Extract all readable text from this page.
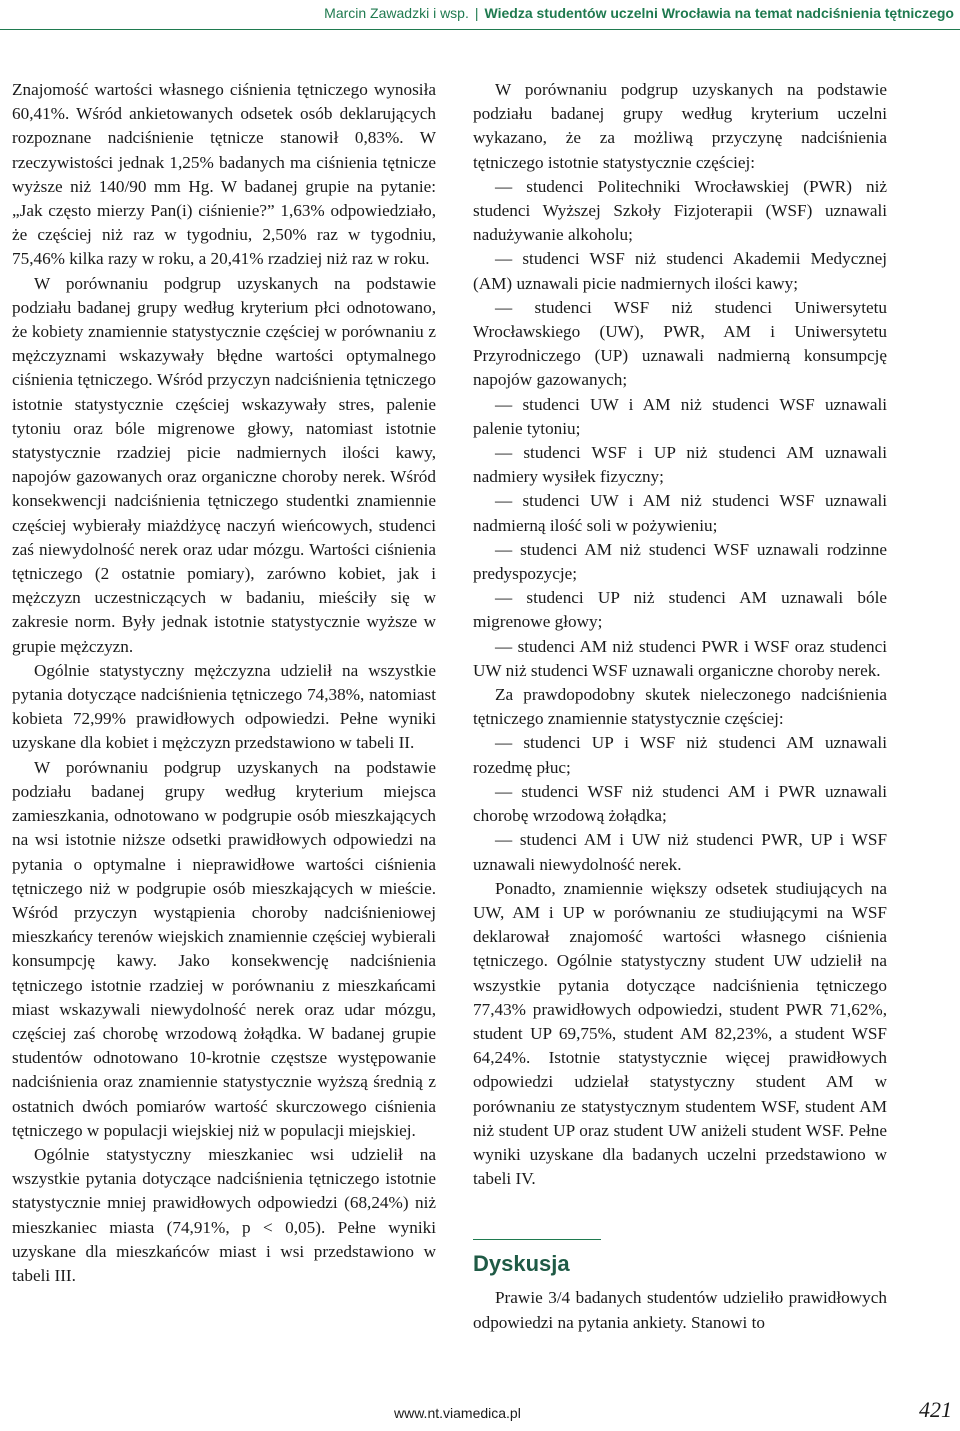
Marcin Zawadzki i wsp. | Wiedza studentów uczelni Wrocławia na temat nadciśnienia tętniczego

Znajomość wartości własnego ciśnienia tętniczego wynosiła 60,41%. Wśród ankietowanych odsetek osób deklarujących rozpoznane nadciśnienie tętnicze stanowił 0,83%. W rzeczywistości jednak 1,25% badanych ma ciśnienia tętnicze wyższe niż 140/90 mm Hg. W badanej grupie na pytanie: „Jak często mierzy Pan(i) ciśnienie?” 1,63% odpowiedziało, że częściej niż raz w tygodniu, 2,50% raz w tygodniu, 75,46% kilka razy w roku, a 20,41% rzadziej niż raz w roku.

W porównaniu podgrup uzyskanych na podstawie podziału badanej grupy według kryterium płci odnotowano, że kobiety znamiennie statystycznie częściej w porównaniu z mężczyznami wskazywały błędne wartości optymalnego ciśnienia tętniczego. Wśród przyczyn nadciśnienia tętniczego istotnie statystycznie częściej wskazywały stres, palenie tytoniu oraz bóle migrenowe głowy, natomiast istotnie statystycznie rzadziej picie nadmiernych ilości kawy, napojów gazowanych oraz organiczne choroby nerek. Wśród konsekwencji nadciśnienia tętniczego studentki znamiennie częściej wybierały miażdżycę naczyń wieńcowych, studenci zaś niewydolność nerek oraz udar mózgu. Wartości ciśnienia tętniczego (2 ostatnie pomiary), zarówno kobiet, jak i mężczyzn uczestniczących w badaniu, mieściły się w zakresie norm. Były jednak istotnie statystycznie wyższe w grupie mężczyzn.

Ogólnie statystyczny mężczyzna udzielił na wszystkie pytania dotyczące nadciśnienia tętniczego 74,38%, natomiast kobieta 72,99% prawidłowych odpowiedzi. Pełne wyniki uzyskane dla kobiet i mężczyzn przedstawiono w tabeli II.

W porównaniu podgrup uzyskanych na podstawie podziału badanej grupy według kryterium miejsca zamieszkania, odnotowano w podgrupie osób mieszkających na wsi istotnie niższe odsetki prawidłowych odpowiedzi na pytania o optymalne i nieprawidłowe wartości ciśnienia tętniczego niż w podgrupie osób mieszkających w mieście. Wśród przyczyn wystąpienia choroby nadciśnieniowej mieszkańcy terenów wiejskich znamiennie częściej wybierali konsumpcję kawy. Jako konsekwencję nadciśnienia tętniczego istotnie rzadziej w porównaniu z mieszkańcami miast wskazywali niewydolność nerek oraz udar mózgu, częściej zaś chorobę wrzodową żołądka. W badanej grupie studentów odnotowano 10-krotnie częstsze występowanie nadciśnienia oraz znamiennie statystycznie wyższą średnią z ostatnich dwóch pomiarów wartość skurczowego ciśnienia tętniczego w populacji wiejskiej niż w populacji miejskiej.

Ogólnie statystyczny mieszkaniec wsi udzielił na wszystkie pytania dotyczące nadciśnienia tętniczego istotnie statystycznie mniej prawidłowych odpowiedzi (68,24%) niż mieszkaniec miasta (74,91%, p < 0,05). Pełne wyniki uzyskane dla mieszkańców miast i wsi przedstawiono w tabeli III.

W porównaniu podgrup uzyskanych na podstawie podziału badanej grupy według kryterium uczelni wykazano, że za możliwą przyczynę nadciśnienia tętniczego istotnie statystycznie częściej:

— studenci Politechniki Wrocławskiej (PWR) niż studenci Wyższej Szkoły Fizjoterapii (WSF) uznawali nadużywanie alkoholu;

— studenci WSF niż studenci Akademii Medycznej (AM) uznawali picie nadmiernych ilości kawy;

— studenci WSF niż studenci Uniwersytetu Wrocławskiego (UW), PWR, AM i Uniwersytetu Przyrodniczego (UP) uznawali nadmierną konsumpcję napojów gazowanych;

— studenci UW i AM niż studenci WSF uznawali palenie tytoniu;

— studenci WSF i UP niż studenci AM uznawali nadmiery wysiłek fizyczny;

— studenci UW i AM niż studenci WSF uznawali nadmierną ilość soli w pożywieniu;

— studenci AM niż studenci WSF uznawali rodzinne predyspozycje;

— studenci UP niż studenci AM uznawali bóle migrenowe głowy;

— studenci AM niż studenci PWR i WSF oraz studenci UW niż studenci WSF uznawali organiczne choroby nerek.

Za prawdopodobny skutek nieleczonego nadciśnienia tętniczego znamiennie statystycznie częściej:

— studenci UP i WSF niż studenci AM uznawali rozedmę płuc;

— studenci WSF niż studenci AM i PWR uznawali chorobę wrzodową żołądka;

— studenci AM i UW niż studenci PWR, UP i WSF uznawali niewydolność nerek.

Ponadto, znamiennie większy odsetek studiujących na UW, AM i UP w porównaniu ze studiującymi na WSF deklarował znajomość wartości własnego ciśnienia tętniczego. Ogólnie statystyczny student UW udzielił na wszystkie pytania dotyczące nadciśnienia tętniczego 77,43% prawidłowych odpowiedzi, student PWR 71,62%, student UP 69,75%, student AM 82,23%, a student WSF 64,24%. Istotnie statystycznie więcej prawidłowych odpowiedzi udzielał statystyczny student AM w porównaniu ze statystycznym studentem WSF, student AM niż student UP oraz student UW aniżeli student WSF. Pełne wyniki uzyskane dla badanych uczelni przedstawiono w tabeli IV.

Dyskusja

Prawie 3/4 badanych studentów udzieliło prawidłowych odpowiedzi na pytania ankiety. Stanowi to

www.nt.viamedica.pl	421
